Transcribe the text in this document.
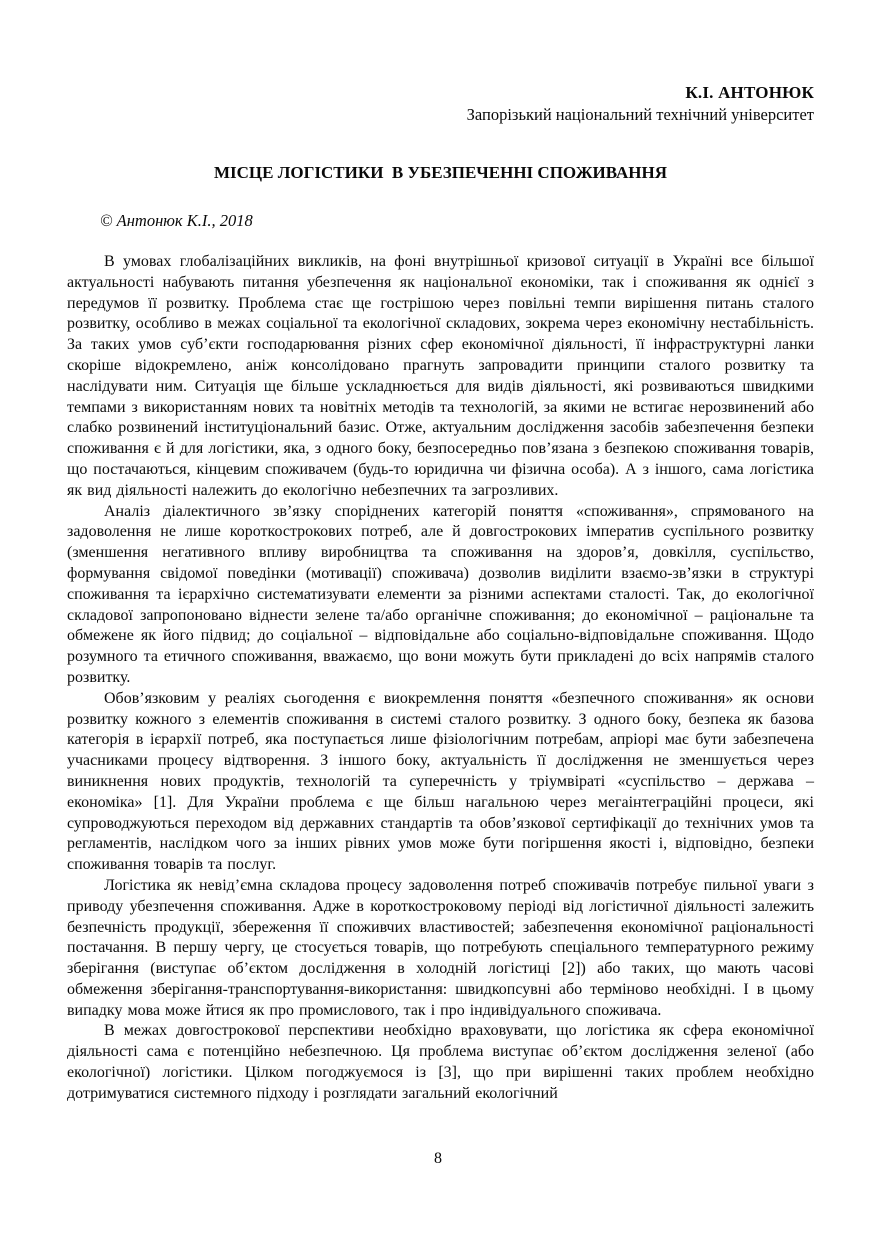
К.І. АНТОНЮК
Запорізький національний технічний університет
МІСЦЕ ЛОГІСТИКИ  В УБЕЗПЕЧЕННІ СПОЖИВАННЯ
© Антонюк К.І., 2018

В умовах глобалізаційних викликів, на фоні внутрішньої кризової ситуації в Україні все більшої актуальності набувають питання убезпечення як національної економіки, так і споживання як однієї з передумов її розвитку. Проблема стає ще гострішою через повільні темпи вирішення питань сталого розвитку, особливо в межах соціальної та екологічної складових, зокрема через економічну нестабільність. За таких умов суб’єкти господарювання різних сфер економічної діяльності, її інфраструктурні ланки скоріше відокремлено, аніж консолідовано прагнуть запровадити принципи сталого розвитку та наслідувати ним. Ситуація ще більше ускладнюється для видів діяльності, які розвиваються швидкими темпами з використанням нових та новітніх методів та технологій, за якими не встигає нерозвинений або слабко розвинений інституціональний базис. Отже, актуальним дослідження засобів забезпечення безпеки споживання є й для логістики, яка, з одного боку, безпосередньо пов’язана з безпекою споживання товарів, що постачаються, кінцевим споживачем (будь-то юридична чи фізична особа). А з іншого, сама логістика як вид діяльності належить до екологічно небезпечних та загрозливих.

Аналіз діалектичного зв’язку споріднених категорій поняття «споживання», спрямованого на задоволення не лише короткострокових потреб, але й довгострокових імператив суспільного розвитку (зменшення негативного впливу виробництва та споживання на здоров’я, довкілля, суспільство, формування свідомої поведінки (мотивації) споживача) дозволив виділити взаємо-зв’язки в структурі споживання та ієрархічно систематизувати елементи за різними аспектами сталості. Так, до екологічної складової запропоновано віднести зелене та/або органічне споживання; до економічної – раціональне та обмежене як його підвид; до соціальної – відповідальне або соціально-відповідальне споживання. Щодо розумного та етичного споживання, вважаємо, що вони можуть бути прикладені до всіх напрямів сталого розвитку.

Обов’язковим у реаліях сьогодення є виокремлення поняття «безпечного споживання» як основи розвитку кожного з елементів споживання в системі сталого розвитку. З одного боку, безпека як базова категорія в ієрархії потреб, яка поступається лише фізіологічним потребам, апріорі має бути забезпечена учасниками процесу відтворення. З іншого боку, актуальність її дослідження не зменшується через виникнення нових продуктів, технологій та суперечність у тріумвіраті «суспільство – держава – економіка» [1]. Для України проблема є ще більш нагальною через мегаінтеграційні процеси, які супроводжуються переходом від державних стандартів та обов’язкової сертифікації до технічних умов та регламентів, наслідком чого за інших рівних умов може бути погіршення якості і, відповідно, безпеки споживання товарів та послуг.

Логістика як невід’ємна складова процесу задоволення потреб споживачів потребує пильної уваги з приводу убезпечення споживання. Адже в короткостроковому періоді від логістичної діяльності залежить безпечність продукції, збереження її споживчих властивостей; забезпечення економічної раціональності постачання. В першу чергу, це стосується товарів, що потребують спеціального температурного режиму зберігання (виступає об’єктом дослідження в холодній логістиці [2]) або таких, що мають часові обмеження зберігання-транспортування-використання: швидкопсувні або терміново необхідні. І в цьому випадку мова може йтися як про промислового, так і про індивідуального споживача.

В межах довгострокової перспективи необхідно враховувати, що логістика як сфера економічної діяльності сама є потенційно небезпечною. Ця проблема виступає об’єктом дослідження зеленої (або екологічної) логістики. Цілком погоджуємося із [3], що при вирішенні таких проблем необхідно дотримуватися системного підходу і розглядати загальний екологічний

8
